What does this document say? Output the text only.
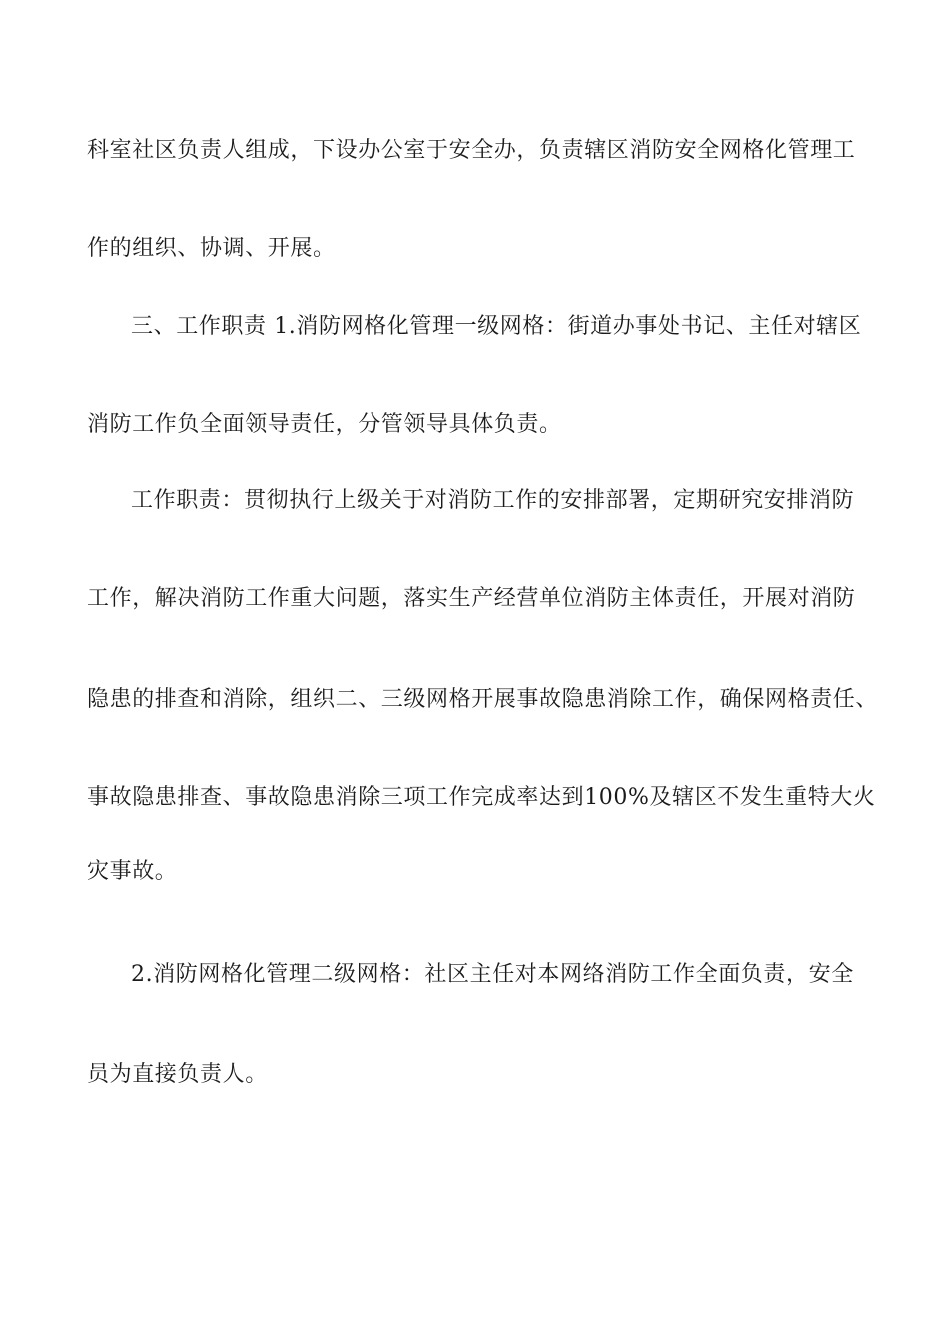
科室社区负责人组成，下设办公室于安全办，负责辖区消防安全网格化管理工
作的组织、协调、开展。
三、工作职责 1.消防网格化管理一级网格：街道办事处书记、主任对辖区
消防工作负全面领导责任，分管领导具体负责。
工作职责：贯彻执行上级关于对消防工作的安排部署，定期研究安排消防
工作，解决消防工作重大问题，落实生产经营单位消防主体责任，开展对消防
隐患的排查和消除，组织二、三级网格开展事故隐患消除工作，确保网格责任、
事故隐患排查、事故隐患消除三项工作完成率达到100%及辖区不发生重特大火
灾事故。
2.消防网格化管理二级网格：社区主任对本网络消防工作全面负责，安全
员为直接负责人。
